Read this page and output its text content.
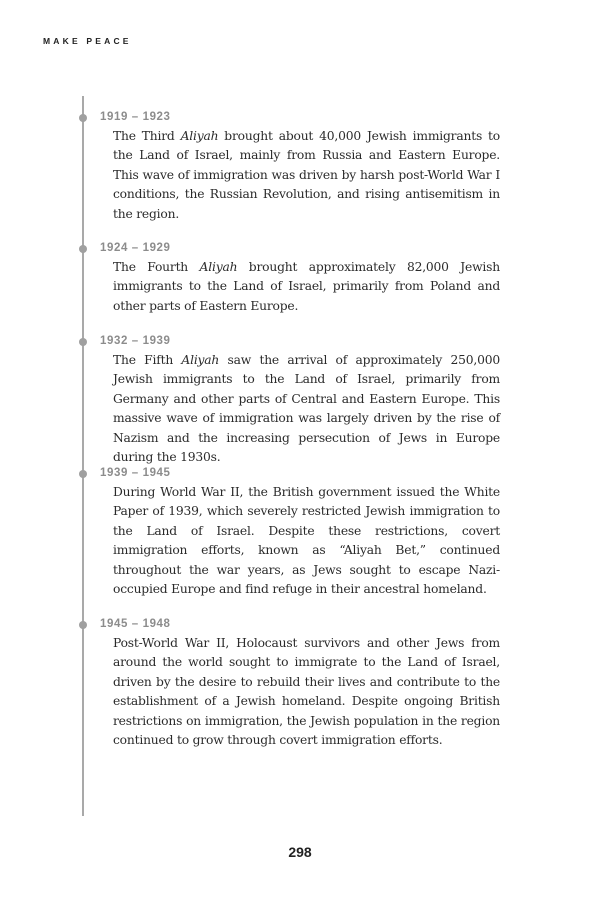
MAKE PEACE
1919 – 1923
The Third Aliyah brought about 40,000 Jewish immigrants to the Land of Israel, mainly from Russia and Eastern Europe. This wave of immigration was driven by harsh post-World War I conditions, the Russian Revolution, and rising antisemitism in the region.
1924 – 1929
The Fourth Aliyah brought approximately 82,000 Jewish immigrants to the Land of Israel, primarily from Poland and other parts of Eastern Europe.
1932 – 1939
The Fifth Aliyah saw the arrival of approximately 250,000 Jewish immigrants to the Land of Israel, primarily from Germany and other parts of Central and Eastern Europe. This massive wave of immigration was largely driven by the rise of Nazism and the increasing persecution of Jews in Europe during the 1930s.
1939 – 1945
During World War II, the British government issued the White Paper of 1939, which severely restricted Jewish immigration to the Land of Israel. Despite these restrictions, covert immigration efforts, known as “Aliyah Bet,” continued throughout the war years, as Jews sought to escape Nazi-occupied Europe and find refuge in their ancestral homeland.
1945 – 1948
Post-World War II, Holocaust survivors and other Jews from around the world sought to immigrate to the Land of Israel, driven by the desire to rebuild their lives and contribute to the establishment of a Jewish homeland. Despite ongoing British restrictions on immigration, the Jewish population in the region continued to grow through covert immigration efforts.
298
